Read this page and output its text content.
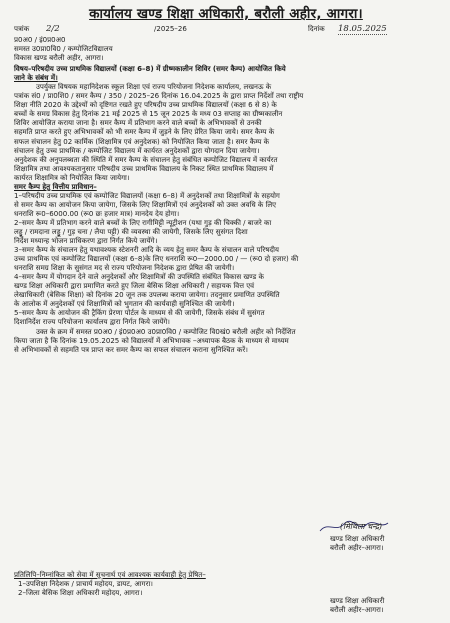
कार्यालय खण्ड शिक्षा अधिकारी, बरौली अहीर, आगरा।
पत्रांक	2/2	/2025–26	दिनांक	18.05.2025
प्र0अ0 / इं0प्र0अ0
समस्त उ0प्रा0वि0 / कम्पोजिटविद्यालय
विकास खण्ड बरौली अहीर, आगरा।
विषय–परिषदीय उच्च प्राथमिक विद्यालयों (कक्षा 6–8) में ग्रीष्मकालीन शिविर (समर कैम्प) आयोजित किये
जाने के संबंध में।
उपर्युक्त विषयक महानिदेशक स्कूल शिक्षा एवं राज्य परियोजना निदेशक कार्यालय, लखनऊ के
पत्रांक सं0 / प्रा0शि0 / समर कैम्प / 350 / 2025–26 दिनांक 16.04.2025 के द्वारा प्राप्त निर्देशों तथा राष्ट्रीय
शिक्षा नीति 2020 के उद्देश्यों को दृष्टिगत रखते हुए परिषदीय उच्च प्राथमिक विद्यालयों (कक्षा 6 से 8) के
बच्चों के समग्र विकास हेतु दिनांक 21 मई 2025 से 15 जून 2025 के मध्य 03 सप्ताह का ग्रीष्मकालीन
शिविर आयोजित कराया जाना है। समर कैम्प में प्रतिभाग करने वाले बच्चों के अभिभावकों से उनकी
सहमति प्राप्त करते हुए अभिभावकों को भी समर कैम्प में जुड़ने के लिए प्रेरित किया जाये। समर कैम्प के
सफल संचालन हेतु 02 कार्मिक (शिक्षामित्र एवं अनुदेशक) को नियोजित किया जाता है। समर कैम्प के
संचालन हेतु उच्च प्राथमिक / कम्पोजिट विद्यालय में कार्यरत अनुदेशकों द्वारा योगदान दिया जायेगा।
अनुदेशक की अनुपलब्धता की स्थिति में समर कैम्प के संचालन हेतु संबंधित कम्पोजिट विद्यालय में कार्यरत
शिक्षामित्र तथा आवश्यकतानुसार परिषदीय उच्च प्राथमिक विद्यालय के निकट स्थित प्राथमिक विद्यालय में
कार्यरत शिक्षामित्र को नियोजित किया जायेगा।
समर कैम्प हेतु वित्तीय प्राविधान–
1–परिषदीय उच्च प्राथमिक एवं कम्पोजिट विद्यालयों (कक्षा 6–8) में अनुदेशकों तथा शिक्षामित्रों के सहयोग
से समर कैम्प का आयोजन किया जायेगा, जिसके लिए शिक्षामित्रों एवं अनुदेशकों को उक्त अवधि के लिए
धनराशि रू0–6000.00 (रू0 छः हजार मात्र) मानदेय देय होगा।
2–समर कैम्प में प्रतिभाग करने वाले बच्चों के लिए रागीमिट्टी न्यूट्रीशन (यथा गुड़ की चिक्की / बाजरे का
लड्डू / रामदाना लड्डू / गुड़ चना / लैया पट्टी) की व्यवस्था की जायेगी, जिसके लिए सुसंगत दिशा
निर्देश मध्यान्ह भोजन प्राधिकरण द्वारा निर्गत किये जायेंगे।
3–समर कैम्प के संचालन हेतु यथावश्यक स्टेशनरी आदि के व्यय हेतु समर कैम्प के संचालन वाले परिषदीय
उच्च प्राथमिक एवं कम्पोजिट विद्यालयों (कक्षा 6–8)के लिए धनराशि रू0—2000.00 / — (रू0 दो हजार) की
धनराशि समग्र शिक्षा के सुसंगत मद से राज्य परियोजना निदेशक द्वारा प्रेषित की जायेगी।
4–समर कैम्प में योगदान देने वाले अनुदेशकों और शिक्षामित्रों की उपस्थिति संबंधित विकास खण्ड के
खण्ड शिक्षा अधिकारी द्वारा प्रमाणित करते हुए जिला बेसिक शिक्षा अधिकारी / सहायक वित्त एवं
लेखाधिकारी (बेसिक शिक्षा) को दिनांक 20 जून तक उपलब्ध कराया जायेगा। तदनुसार प्रमाणित उपस्थिति
के आलोक में अनुदेशकों एवं शिक्षामित्रों को भुगतान की कार्यवाही सुनिश्चित की जायेगी।
5–समर कैम्प के आयोजन की ट्रैकिंग प्रेरणा पोर्टल के माध्यम से की जायेगी, जिसके संबंध में सुसंगत
दिशानिर्देश राज्य परियोजना कार्यालय द्वारा निर्गत किये जायेंगे।
उक्त के क्रम में समस्त प्र0अ0 / इं0प्र0अ0 उ0प्रा0वि0 / कम्पोजिट वि0खं0 बरौली अहीर को निर्देशित
किया जाता है कि दिनांक 19.05.2025 को विद्यालयों में अभिभावक –अध्यापक बैठक के माध्यम से माध्यम
से अभिभावकों से सहमति पत्र प्राप्त कर समर कैम्प का सफल संचालन कराना सुनिश्चित करें।
(मिथिला चन्द्र)
खण्ड शिक्षा अधिकारी
बरौली अहीर–आगरा।
प्रतिलिपि–निम्नांकित को सेवा में सूचनार्थ एवं आवश्यक कार्यवाही हेतु प्रेषित–
1–उपशिक्षा निदेशक / प्राचार्य महोदय, डायट, आगरा।
2–जिला बेसिक शिक्षा अधिकारी महोदय, आगरा।
खण्ड शिक्षा अधिकारी
बरौली अहीर–आगरा।
